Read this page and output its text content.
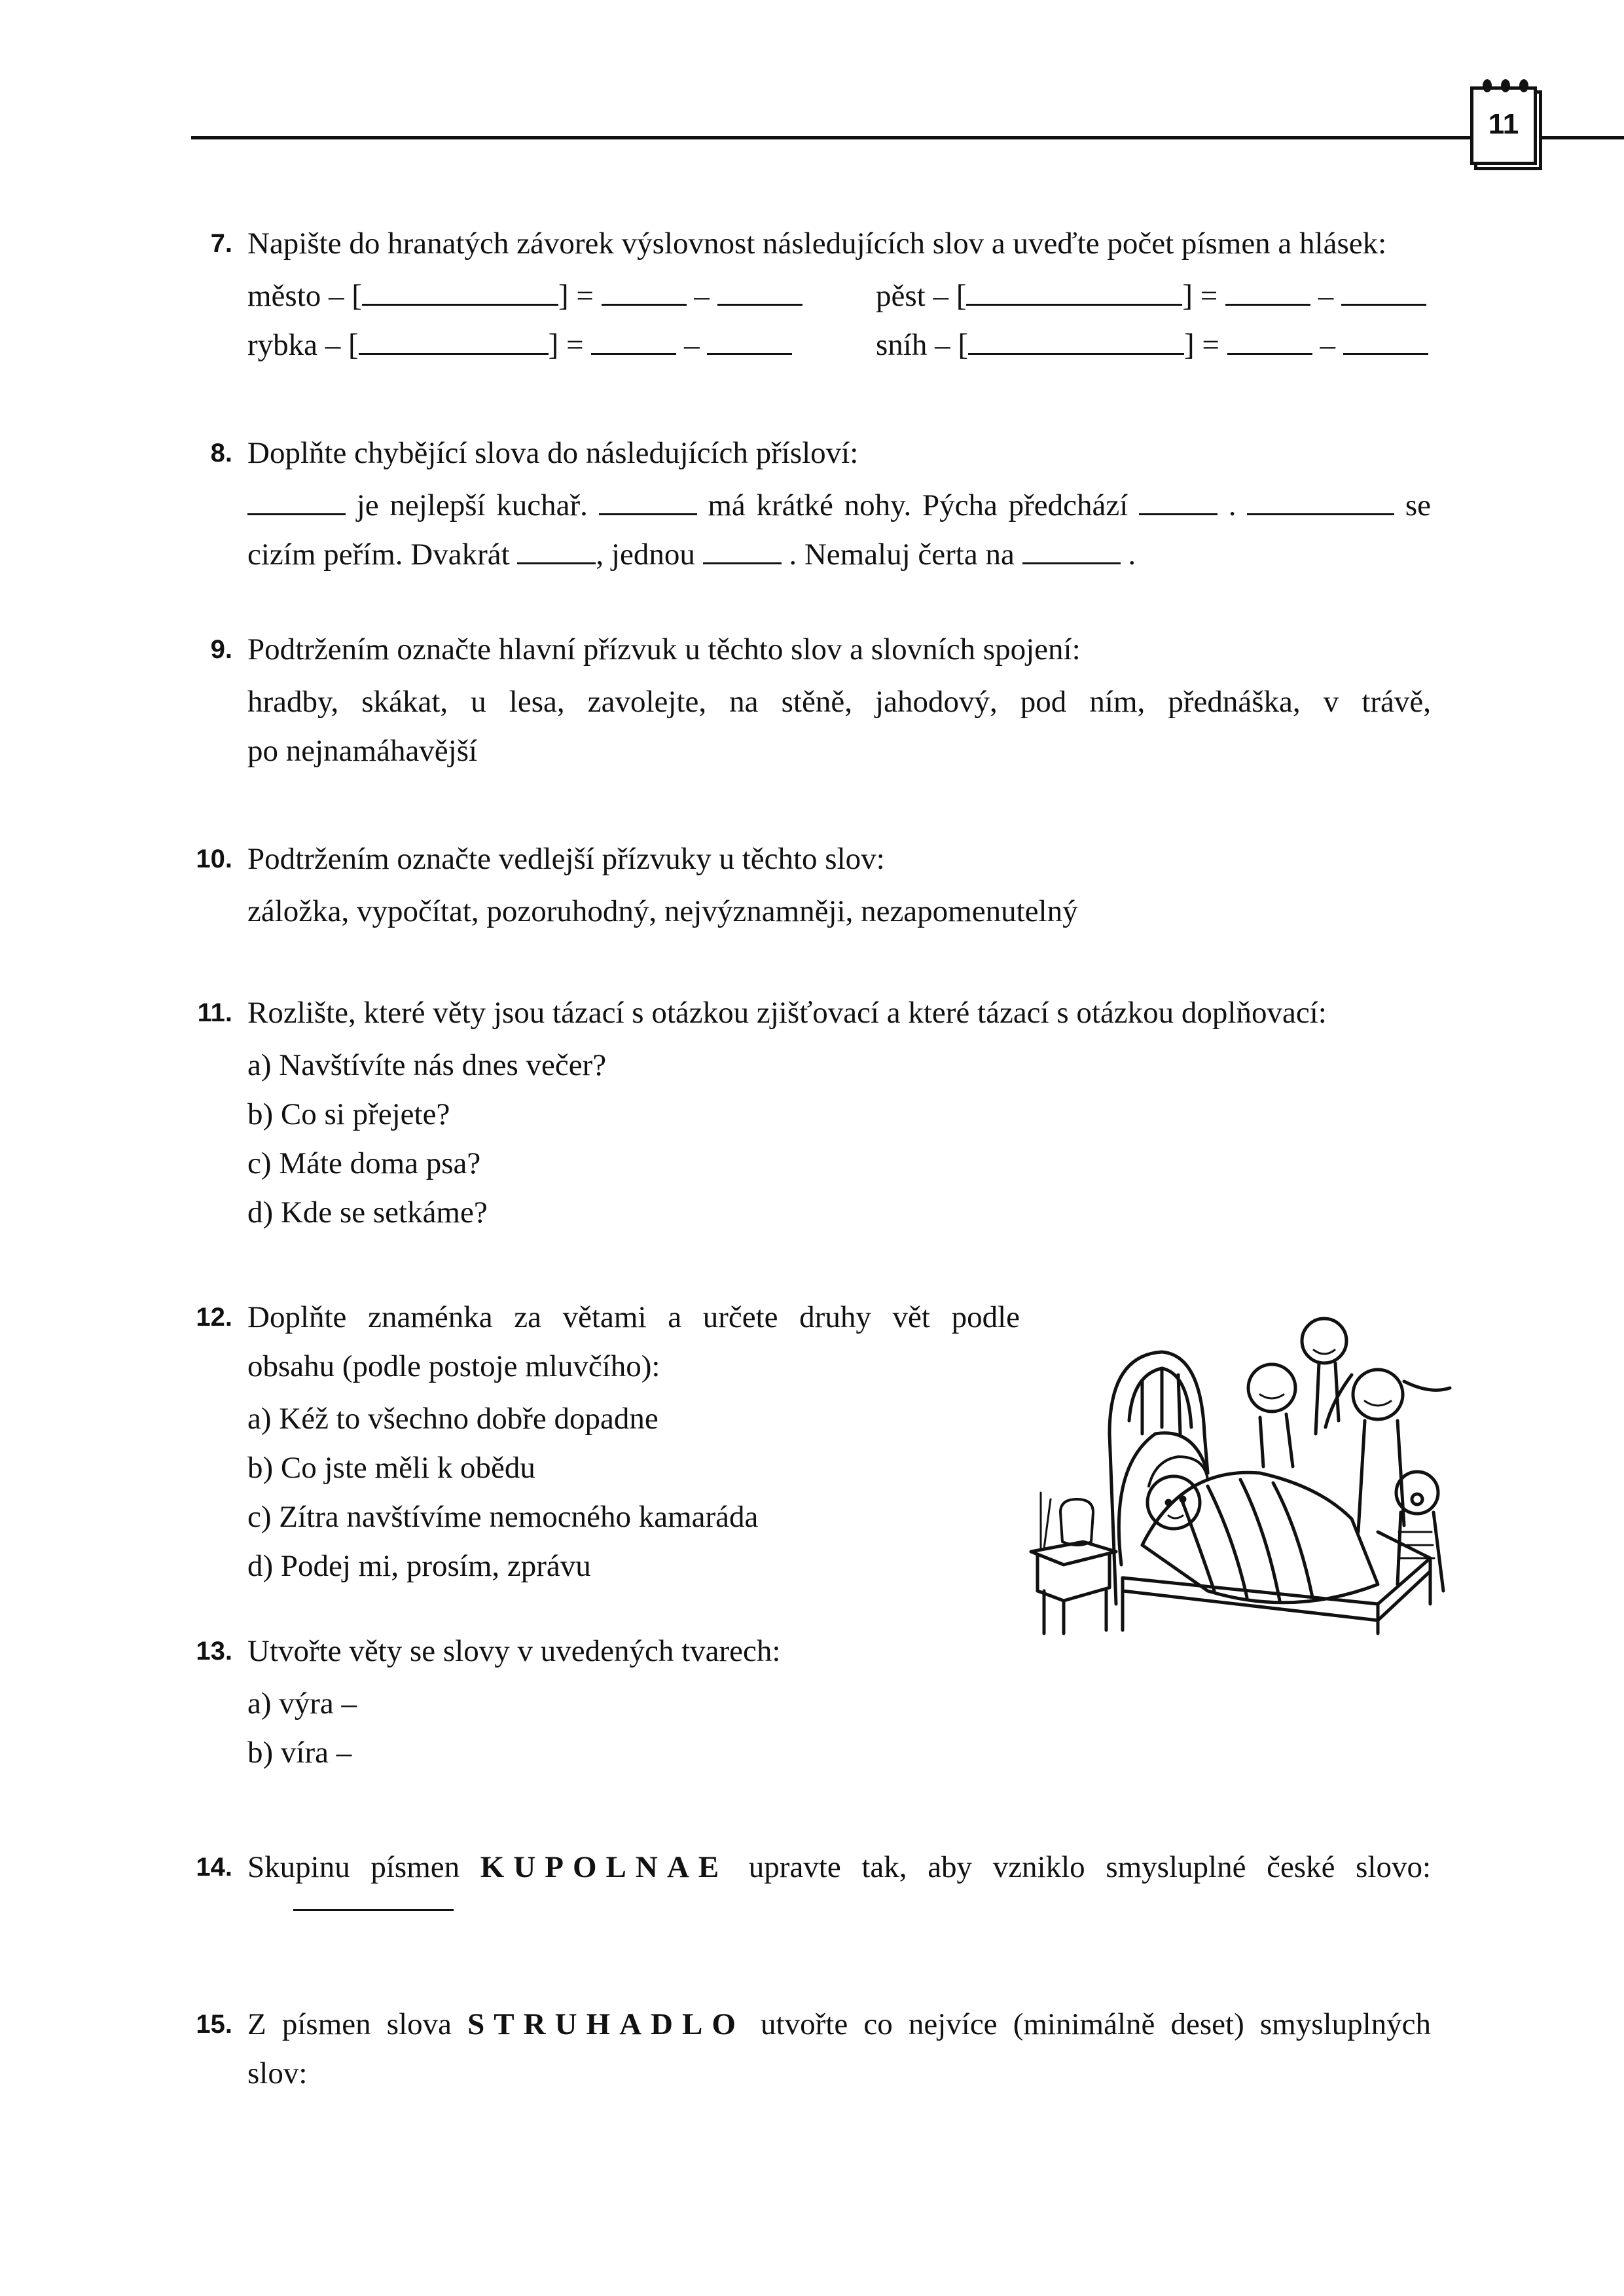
11
7. Napište do hranatých závorek výslovnost následujících slov a uveďte počet písmen a hlásek:
město – [	] =	–	pěst – [	] =	–
rybka – [	] =	–	sníh – [	] =	–
8. Doplňte chybějící slova do následujících přísloví:
je nejlepší kuchař.	má krátké nohy. Pýcha předchází	.	se
cizím peřím. Dvakrát	, jednou	. Nemaluj čerta na	.
9. Podtržením označte hlavní přízvuk u těchto slov a slovních spojení:
hradby, skákat, u lesa, zavolejte, na stěně, jahodový, pod ním, přednáška, v trávě,
po nejnamáhavější
10. Podtržením označte vedlejší přízvuky u těchto slov:
záložka, vypočítat, pozoruhodný, nejvýznamněji, nezapomenutelný
11. Rozlište, které věty jsou tázací s otázkou zjišťovací a které tázací s otázkou doplňovací:
a) Navštívíte nás dnes večer?
b) Co si přejete?
c) Máte doma psa?
d) Kde se setkáme?
12. Doplňte znaménka za větami a určete druhy vět podle
obsahu (podle postoje mluvčího):
a) Kéž to všechno dobře dopadne
b) Co jste měli k obědu
c) Zítra navštívíme nemocného kamaráda
d) Podej mi, prosím, zprávu
13. Utvořte věty se slovy v uvedených tvarech:
a) výra –
b) víra –
14. Skupinu písmen KUPOLNAE upravte tak, aby vzniklo smysluplné české slovo:
15. Z písmen slova STRUHADLO utvořte co nejvíce (minimálně deset) smysluplných
slov:
